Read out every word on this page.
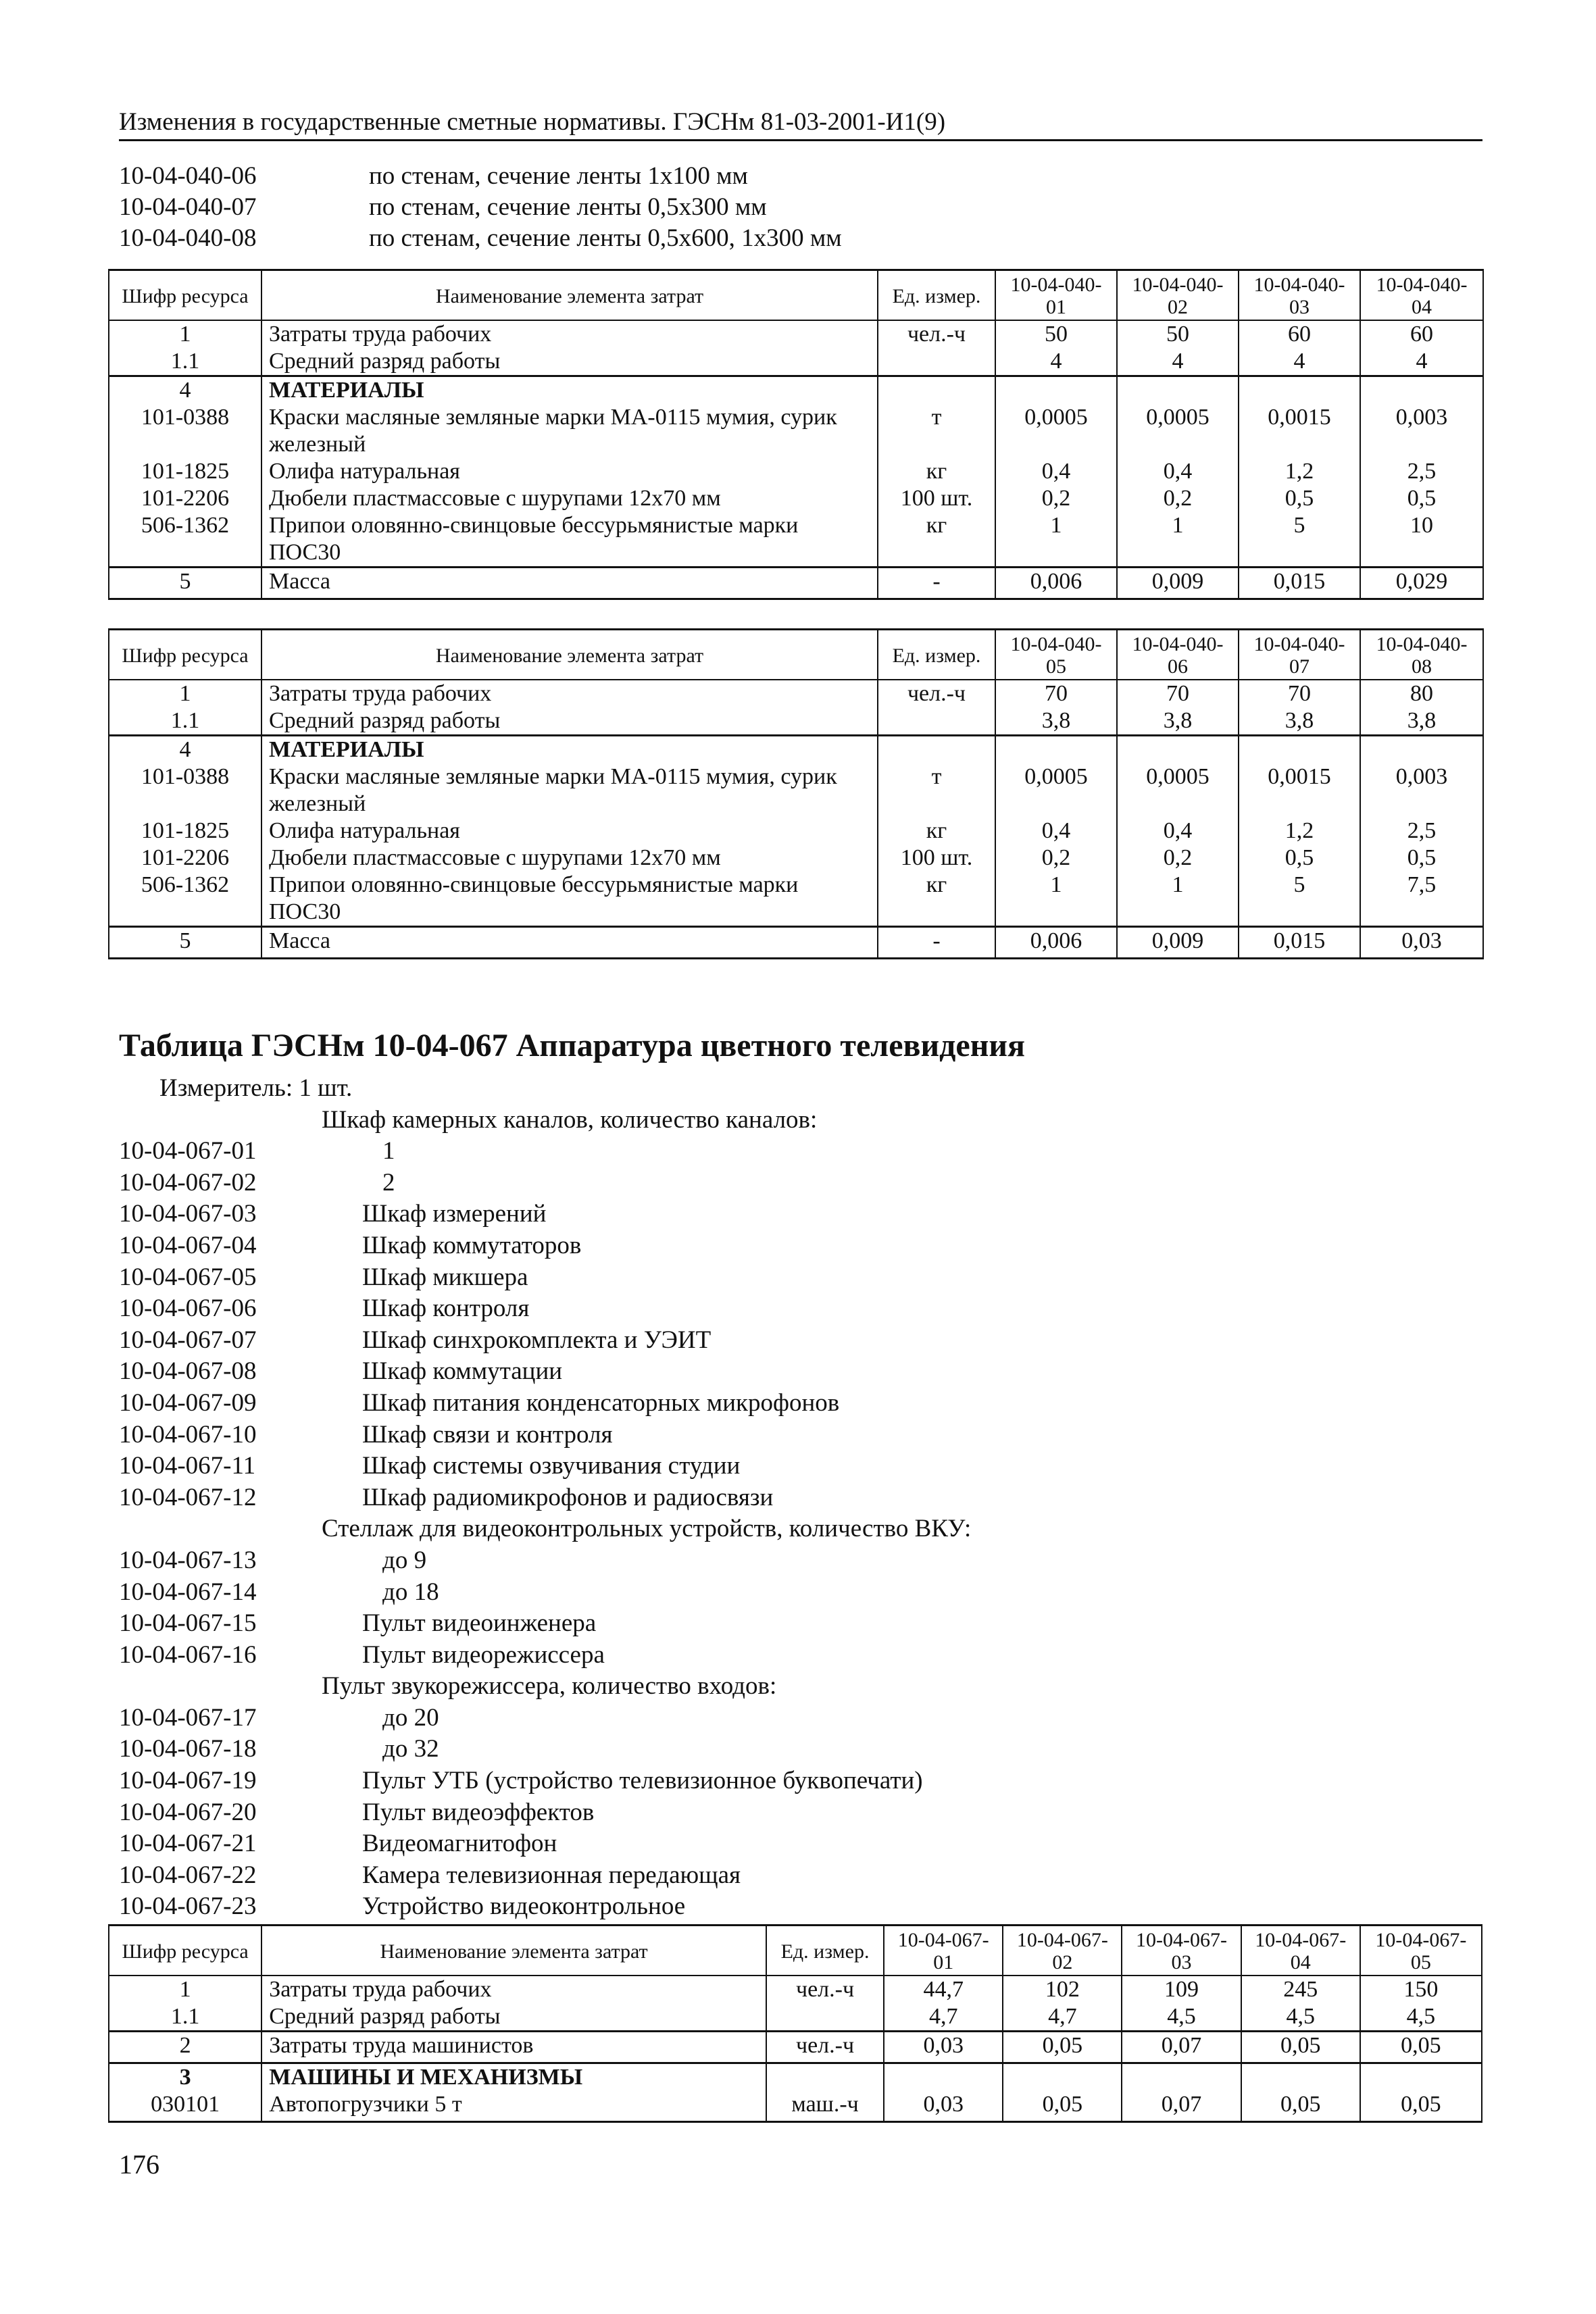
Изменения в государственные сметные нормативы. ГЭСНм 81-03-2001-И1(9)
10-04-040-06	по стенам, сечение ленты 1х100 мм
10-04-040-07	по стенам, сечение ленты 0,5х300 мм
10-04-040-08	по стенам, сечение ленты 0,5х600, 1х300 мм
Шифр ресурса	Наименование элемента затрат	Ед. измер.	10-04-040-01	10-04-040-02	10-04-040-03	10-04-040-04
1	Затраты труда рабочих	чел.-ч	50	50	60	60
1.1	Средний разряд работы		4	4	4	4
4	МАТЕРИАЛЫ					
101-0388	Краски масляные земляные марки МА-0115 мумия, сурик железный	т	0,0005	0,0005	0,0015	0,003
101-1825	Олифа натуральная	кг	0,4	0,4	1,2	2,5
101-2206	Дюбели пластмассовые с шурупами 12х70 мм	100 шт.	0,2	0,2	0,5	0,5
506-1362	Припои оловянно-свинцовые бессурьмянистые марки ПОС30	кг	1	1	5	10
5	Масса	-	0,006	0,009	0,015	0,029
Шифр ресурса	Наименование элемента затрат	Ед. измер.	10-04-040-05	10-04-040-06	10-04-040-07	10-04-040-08
1	Затраты труда рабочих	чел.-ч	70	70	70	80
1.1	Средний разряд работы		3,8	3,8	3,8	3,8
4	МАТЕРИАЛЫ					
101-0388	Краски масляные земляные марки МА-0115 мумия, сурик железный	т	0,0005	0,0005	0,0015	0,003
101-1825	Олифа натуральная	кг	0,4	0,4	1,2	2,5
101-2206	Дюбели пластмассовые с шурупами 12х70 мм	100 шт.	0,2	0,2	0,5	0,5
506-1362	Припои оловянно-свинцовые бессурьмянистые марки ПОС30	кг	1	1	5	7,5
5	Масса	-	0,006	0,009	0,015	0,03
Таблица ГЭСНм 10-04-067 Аппаратура цветного телевидения
Измеритель: 1 шт.
Шкаф камерных каналов, количество каналов:
10-04-067-01	1
10-04-067-02	2
10-04-067-03	Шкаф измерений
10-04-067-04	Шкаф коммутаторов
10-04-067-05	Шкаф микшера
10-04-067-06	Шкаф контроля
10-04-067-07	Шкаф синхрокомплекта и УЭИТ
10-04-067-08	Шкаф коммутации
10-04-067-09	Шкаф питания конденсаторных микрофонов
10-04-067-10	Шкаф связи и контроля
10-04-067-11	Шкаф системы озвучивания студии
10-04-067-12	Шкаф радиомикрофонов и радиосвязи
Стеллаж для видеоконтрольных устройств, количество ВКУ:
10-04-067-13	до 9
10-04-067-14	до 18
10-04-067-15	Пульт видеоинженера
10-04-067-16	Пульт видеорежиссера
Пульт звукорежиссера, количество входов:
10-04-067-17	до 20
10-04-067-18	до 32
10-04-067-19	Пульт УТБ (устройство телевизионное буквопечати)
10-04-067-20	Пульт видеоэффектов
10-04-067-21	Видеомагнитофон
10-04-067-22	Камера телевизионная передающая
10-04-067-23	Устройство видеоконтрольное
Шифр ресурса	Наименование элемента затрат	Ед. измер.	10-04-067-01	10-04-067-02	10-04-067-03	10-04-067-04	10-04-067-05
1	Затраты труда рабочих	чел.-ч	44,7	102	109	245	150
1.1	Средний разряд работы		4,7	4,7	4,5	4,5	4,5
2	Затраты труда машинистов	чел.-ч	0,03	0,05	0,07	0,05	0,05
3	МАШИНЫ И МЕХАНИЗМЫ						
030101	Автопогрузчики 5 т	маш.-ч	0,03	0,05	0,07	0,05	0,05
176
